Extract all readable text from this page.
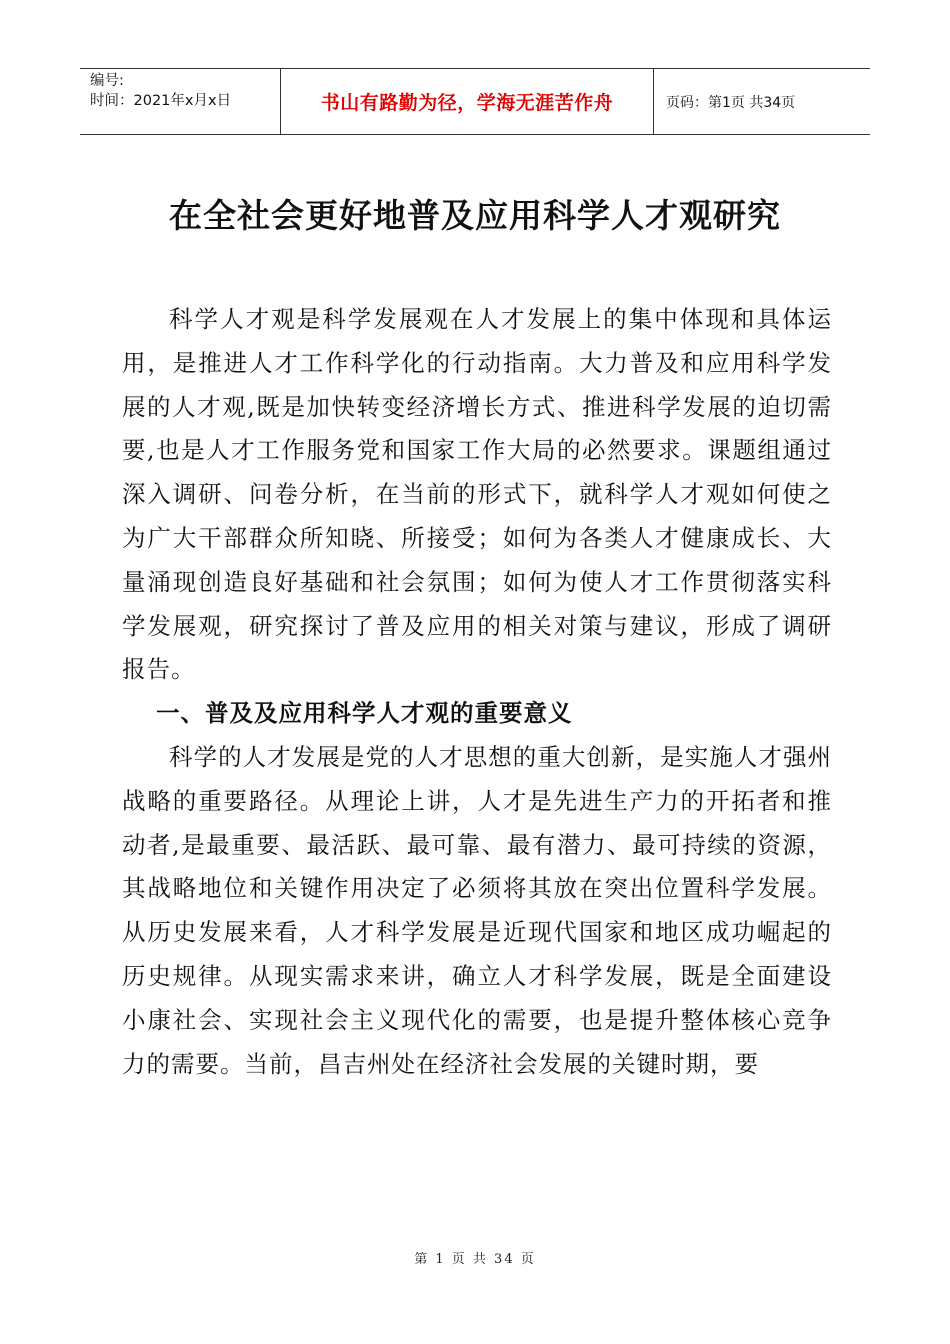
编号:
时间：2021年x月x日	书山有路勤为径，学海无涯苦作舟	页码：第1页 共34页
在全社会更好地普及应用科学人才观研究

科学人才观是科学发展观在人才发展上的集中体现和具体运用，是推进人才工作科学化的行动指南。大力普及和应用科学发展的人才观,既是加快转变经济增长方式、推进科学发展的迫切需要,也是人才工作服务党和国家工作大局的必然要求。课题组通过深入调研、问卷分析，在当前的形式下，就科学人才观如何使之为广大干部群众所知晓、所接受；如何为各类人才健康成长、大量涌现创造良好基础和社会氛围；如何为使人才工作贯彻落实科学发展观，研究探讨了普及应用的相关对策与建议，形成了调研报告。

一、普及及应用科学人才观的重要意义

科学的人才发展是党的人才思想的重大创新，是实施人才强州战略的重要路径。从理论上讲，人才是先进生产力的开拓者和推动者,是最重要、最活跃、最可靠、最有潜力、最可持续的资源，其战略地位和关键作用决定了必须将其放在突出位置科学发展。从历史发展来看，人才科学发展是近现代国家和地区成功崛起的历史规律。从现实需求来讲，确立人才科学发展，既是全面建设小康社会、实现社会主义现代化的需要，也是提升整体核心竞争力的需要。当前，昌吉州处在经济社会发展的关键时期，要

第 1 页 共 34 页
